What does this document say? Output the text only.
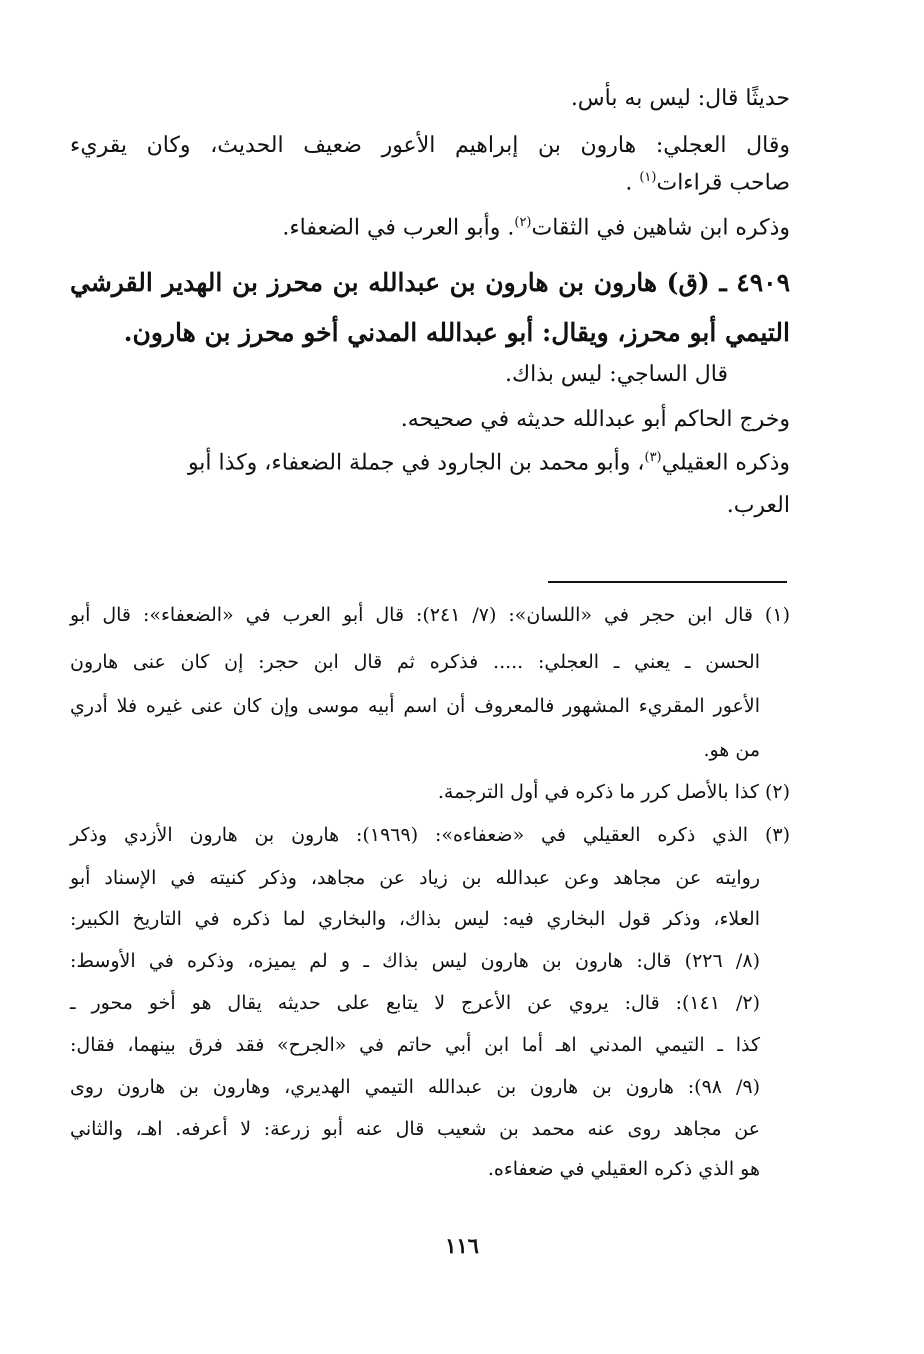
حديثًا قال: ليس به بأس.
وقال العجلي: هارون بن إبراهيم الأعور ضعيف الحديث، وكان يقريء
صاحب قراءات$^{(١)}$ .
وذكره ابن شاهين في الثقات$^{(٢)}$. وأبو العرب في الضعفاء.
٤٩٠٩ ـ (ق) هارون بن هارون بن عبدالله بن محرز بن الهدير القرشي
التيمي أبو محرز، ويقال: أبو عبدالله المدني أخو محرز بن هارون.
قال الساجي: ليس بذاك.
وخرج الحاكم أبو عبدالله حديثه في صحيحه.
وذكره العقيلي$^{(٣)}$، وأبو محمد بن الجارود في جملة الضعفاء، وكذا أبو
العرب.
(١) قال ابن حجر في «اللسان»: (٧/ ٢٤١): قال أبو العرب في «الضعفاء»: قال أبو
الحسن ـ يعني ـ العجلي: ..... فذكره ثم قال ابن حجر: إن كان عنى هارون
الأعور المقريء المشهور فالمعروف أن اسم أبيه موسى وإن كان عنى غيره فلا أدري
من هو.
(٢) كذا بالأصل كرر ما ذكره في أول الترجمة.
(٣) الذي ذكره العقيلي في «ضعفاءه»: (١٩٦٩): هارون بن هارون الأزدي وذكر
روايته عن مجاهد وعن عبدالله بن زياد عن مجاهد، وذكر كنيته في الإسناد أبو
العلاء، وذكر قول البخاري فيه: ليس بذاك، والبخاري لما ذكره في التاريخ الكبير:
(٨/ ٢٢٦) قال: هارون بن هارون ليس بذاك ـ و لم يميزه، وذكره في الأوسط:
(٢/ ١٤١): قال: يروي عن الأعرج لا يتابع على حديثه يقال هو أخو محور ـ
كذا ـ التيمي المدني اهـ أما ابن أبي حاتم في «الجرح» فقد فرق بينهما، فقال:
(٩/ ٩٨): هارون بن هارون بن عبدالله التيمي الهديري، وهارون بن هارون روى
عن مجاهد روى عنه محمد بن شعيب قال عنه أبو زرعة: لا أعرفه. اهـ، والثاني
هو الذي ذكره العقيلي في ضعفاءه.
١١٦
